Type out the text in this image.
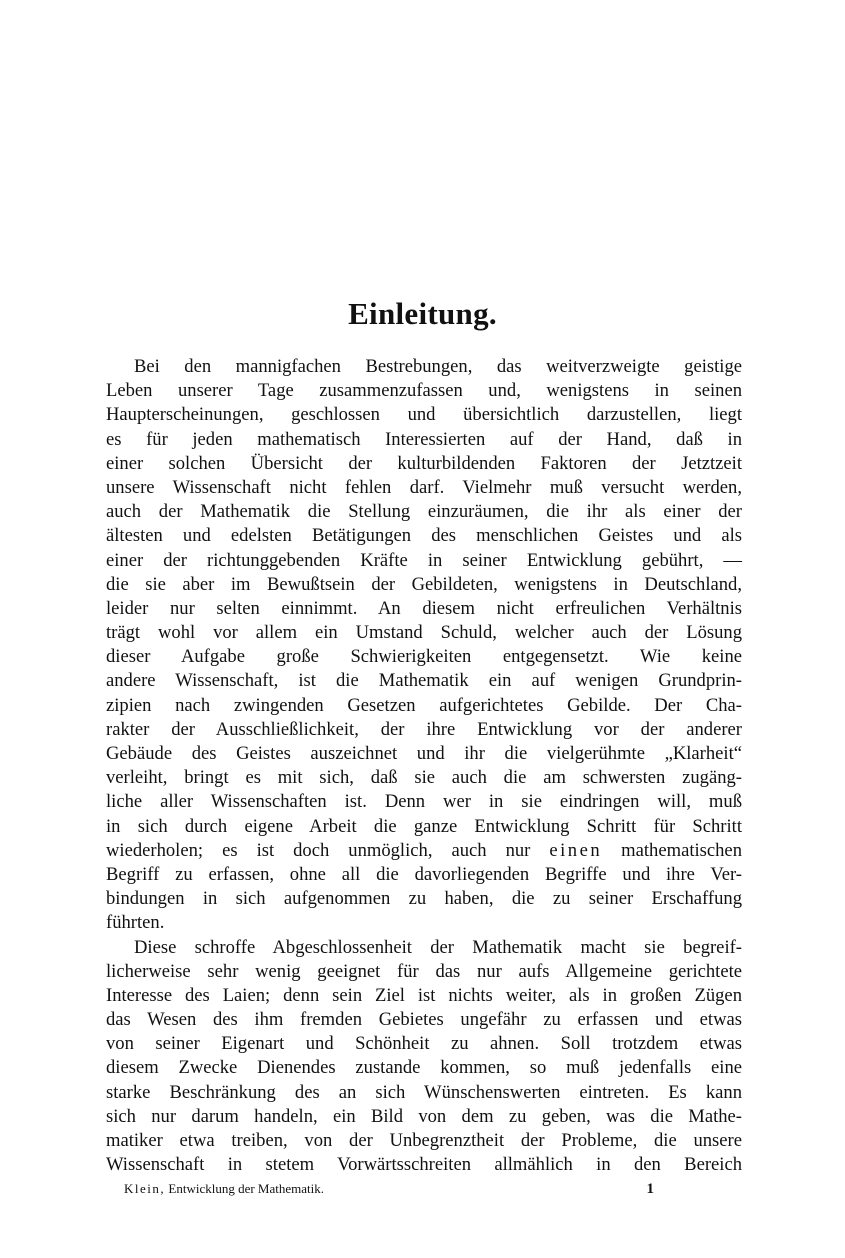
Einleitung.
Bei den mannigfachen Bestrebungen, das weitverzweigte geistige
Leben unserer Tage zusammenzufassen und, wenigstens in seinen
Haupterscheinungen, geschlossen und übersichtlich darzustellen, liegt
es für jeden mathematisch Interessierten auf der Hand, daß in
einer solchen Übersicht der kulturbildenden Faktoren der Jetztzeit
unsere Wissenschaft nicht fehlen darf. Vielmehr muß versucht werden,
auch der Mathematik die Stellung einzuräumen, die ihr als einer der
ältesten und edelsten Betätigungen des menschlichen Geistes und als
einer der richtunggebenden Kräfte in seiner Entwicklung gebührt, —
die sie aber im Bewußtsein der Gebildeten, wenigstens in Deutschland,
leider nur selten einnimmt. An diesem nicht erfreulichen Verhältnis
trägt wohl vor allem ein Umstand Schuld, welcher auch der Lösung
dieser Aufgabe große Schwierigkeiten entgegensetzt. Wie keine
andere Wissenschaft, ist die Mathematik ein auf wenigen Grundprin-
zipien nach zwingenden Gesetzen aufgerichtetes Gebilde. Der Cha-
rakter der Ausschließlichkeit, der ihre Entwicklung vor der anderer
Gebäude des Geistes auszeichnet und ihr die vielgerühmte „Klarheit“
verleiht, bringt es mit sich, daß sie auch die am schwersten zugäng-
liche aller Wissenschaften ist. Denn wer in sie eindringen will, muß
in sich durch eigene Arbeit die ganze Entwicklung Schritt für Schritt
wiederholen; es ist doch unmöglich, auch nur einen mathematischen
Begriff zu erfassen, ohne all die davorliegenden Begriffe und ihre Ver-
bindungen in sich aufgenommen zu haben, die zu seiner Erschaffung
führten.
Diese schroffe Abgeschlossenheit der Mathematik macht sie begreif-
licherweise sehr wenig geeignet für das nur aufs Allgemeine gerichtete
Interesse des Laien; denn sein Ziel ist nichts weiter, als in großen Zügen
das Wesen des ihm fremden Gebietes ungefähr zu erfassen und etwas
von seiner Eigenart und Schönheit zu ahnen. Soll trotzdem etwas
diesem Zwecke Dienendes zustande kommen, so muß jedenfalls eine
starke Beschränkung des an sich Wünschenswerten eintreten. Es kann
sich nur darum handeln, ein Bild von dem zu geben, was die Mathe-
matiker etwa treiben, von der Unbegrenztheit der Probleme, die unsere
Wissenschaft in stetem Vorwärtsschreiten allmählich in den Bereich
Klein, Entwicklung der Mathematik.	1
